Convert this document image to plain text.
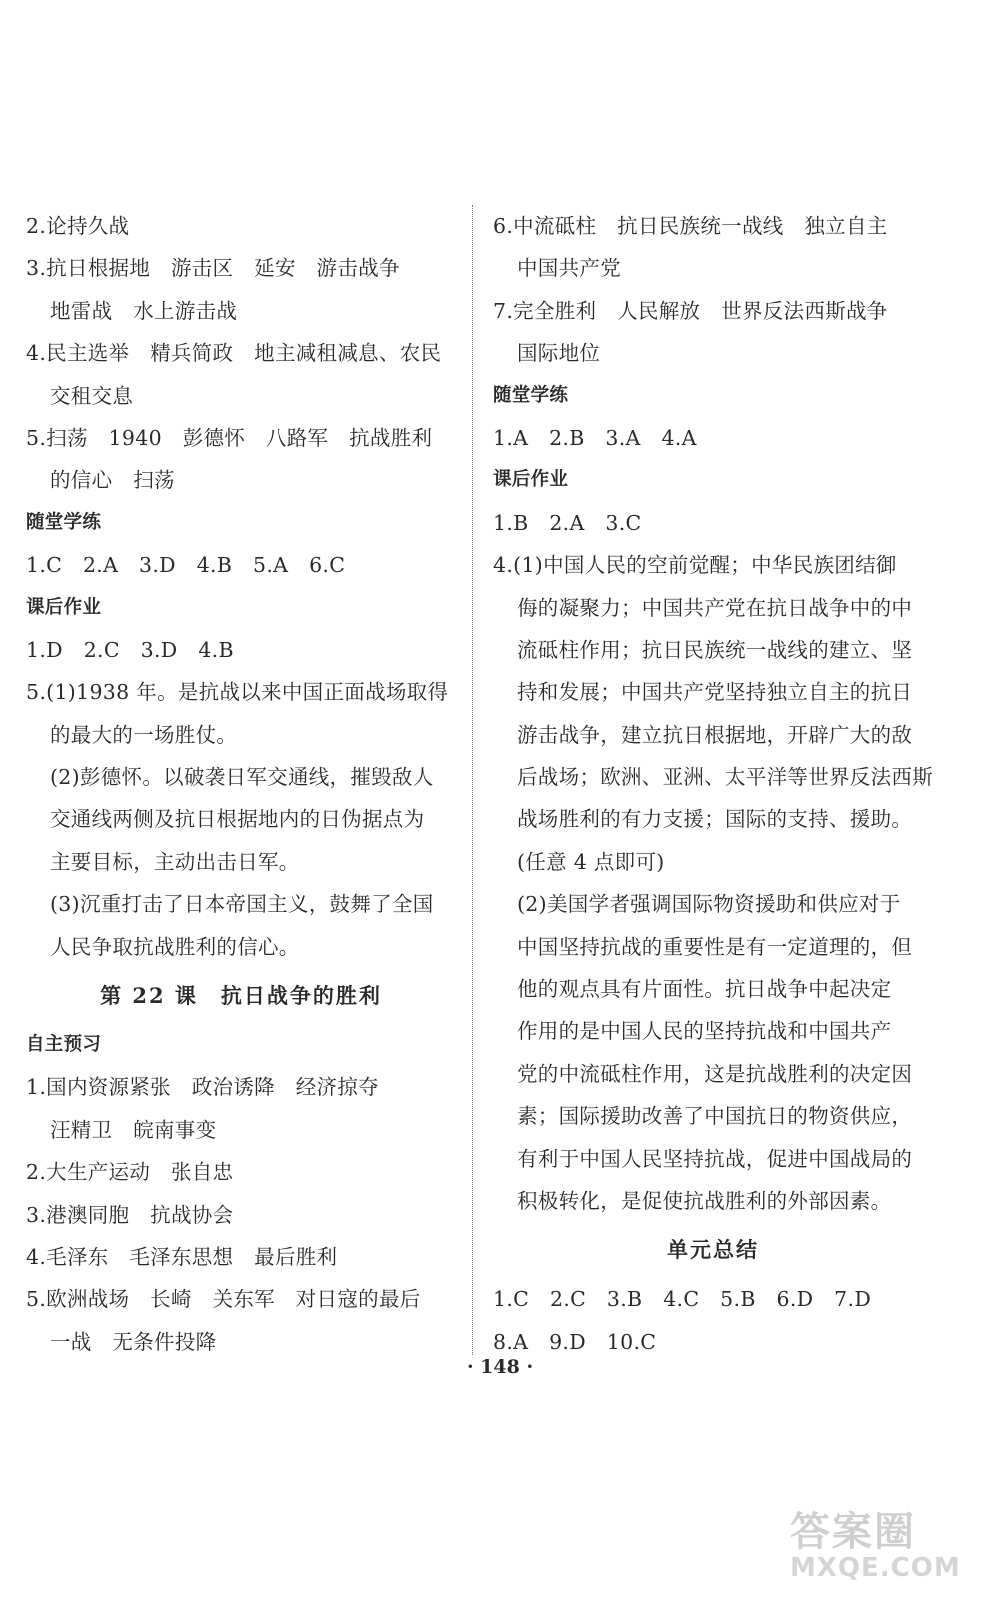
2.论持久战
3.抗日根据地　游击区　延安　游击战争
地雷战　水上游击战
4.民主选举　精兵简政　地主减租减息、农民
交租交息
5.扫荡　1940　彭德怀　八路军　抗战胜利
的信心　扫荡
随堂学练
1.C　2.A　3.D　4.B　5.A　6.C
课后作业
1.D　2.C　3.D　4.B
5.(1)1938 年。是抗战以来中国正面战场取得
的最大的一场胜仗。
(2)彭德怀。以破袭日军交通线，摧毁敌人
交通线两侧及抗日根据地内的日伪据点为
主要目标，主动出击日军。
(3)沉重打击了日本帝国主义，鼓舞了全国
人民争取抗战胜利的信心。
第 22 课　抗日战争的胜利
自主预习
1.国内资源紧张　政治诱降　经济掠夺
汪精卫　皖南事变
2.大生产运动　张自忠
3.港澳同胞　抗战协会
4.毛泽东　毛泽东思想　最后胜利
5.欧洲战场　长崎　关东军　对日寇的最后
一战　无条件投降
6.中流砥柱　抗日民族统一战线　独立自主
中国共产党
7.完全胜利　人民解放　世界反法西斯战争
国际地位
随堂学练
1.A　2.B　3.A　4.A
课后作业
1.B　2.A　3.C
4.(1)中国人民的空前觉醒；中华民族团结御
侮的凝聚力；中国共产党在抗日战争中的中
流砥柱作用；抗日民族统一战线的建立、坚
持和发展；中国共产党坚持独立自主的抗日
游击战争，建立抗日根据地，开辟广大的敌
后战场；欧洲、亚洲、太平洋等世界反法西斯
战场胜利的有力支援；国际的支持、援助。
(任意 4 点即可)
(2)美国学者强调国际物资援助和供应对于
中国坚持抗战的重要性是有一定道理的，但
他的观点具有片面性。抗日战争中起决定
作用的是中国人民的坚持抗战和中国共产
党的中流砥柱作用，这是抗战胜利的决定因
素；国际援助改善了中国抗日的物资供应，
有利于中国人民坚持抗战，促进中国战局的
积极转化，是促使抗战胜利的外部因素。
单元总结
1.C　2.C　3.B　4.C　5.B　6.D　7.D
8.A　9.D　10.C
· 148 ·
答案圈
MXQE.COM
